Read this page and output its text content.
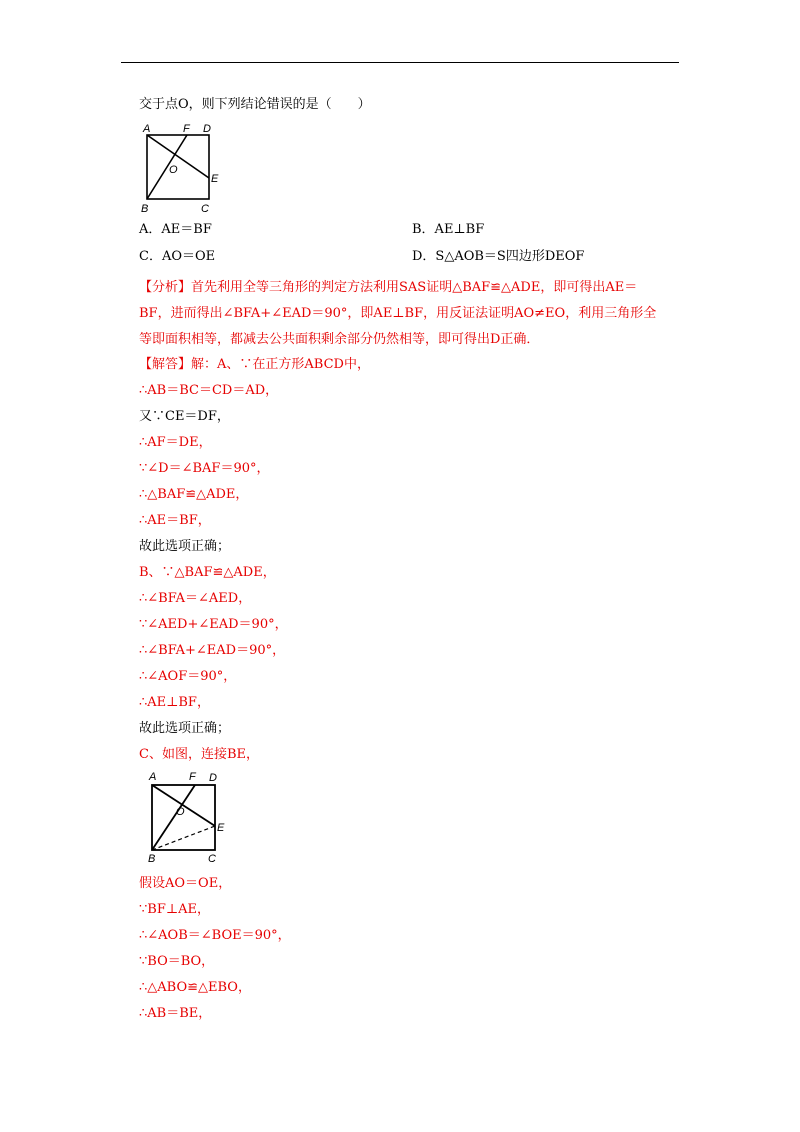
交于点O，则下列结论错误的是（　　）
A	F D
O
E
B	C
A．AE＝BF	B．AE⊥BF
C．AO＝OE	D．S△AOB＝S四边形DEOF
【分析】首先利用全等三角形的判定方法利用SAS证明△BAF≌△ADE，即可得出AE＝BF，进而得出∠BFA+∠EAD＝90°，即AE⊥BF，用反证法证明AO≠EO，利用三角形全等即面积相等，都减去公共面积剩余部分仍然相等，即可得出D正确．
【解答】解：A、∵在正方形ABCD中，
∴AB＝BC＝CD＝AD，
又∵CE＝DF，
∴AF＝DE，
∵∠D＝∠BAF＝90°，
∴△BAF≌△ADE，
∴AE＝BF，
故此选项正确；
B、∵△BAF≌△ADE，
∴∠BFA＝∠AED，
∵∠AED+∠EAD＝90°，
∴∠BFA+∠EAD＝90°，
∴∠AOF＝90°，
∴AE⊥BF，
故此选项正确；
C、如图，连接BE，
A	F D
O
E
B	C
假设AO＝OE，
∵BF⊥AE，
∴∠AOB＝∠BOE＝90°，
∵BO＝BO，
∴△ABO≌△EBO，
∴AB＝BE，
